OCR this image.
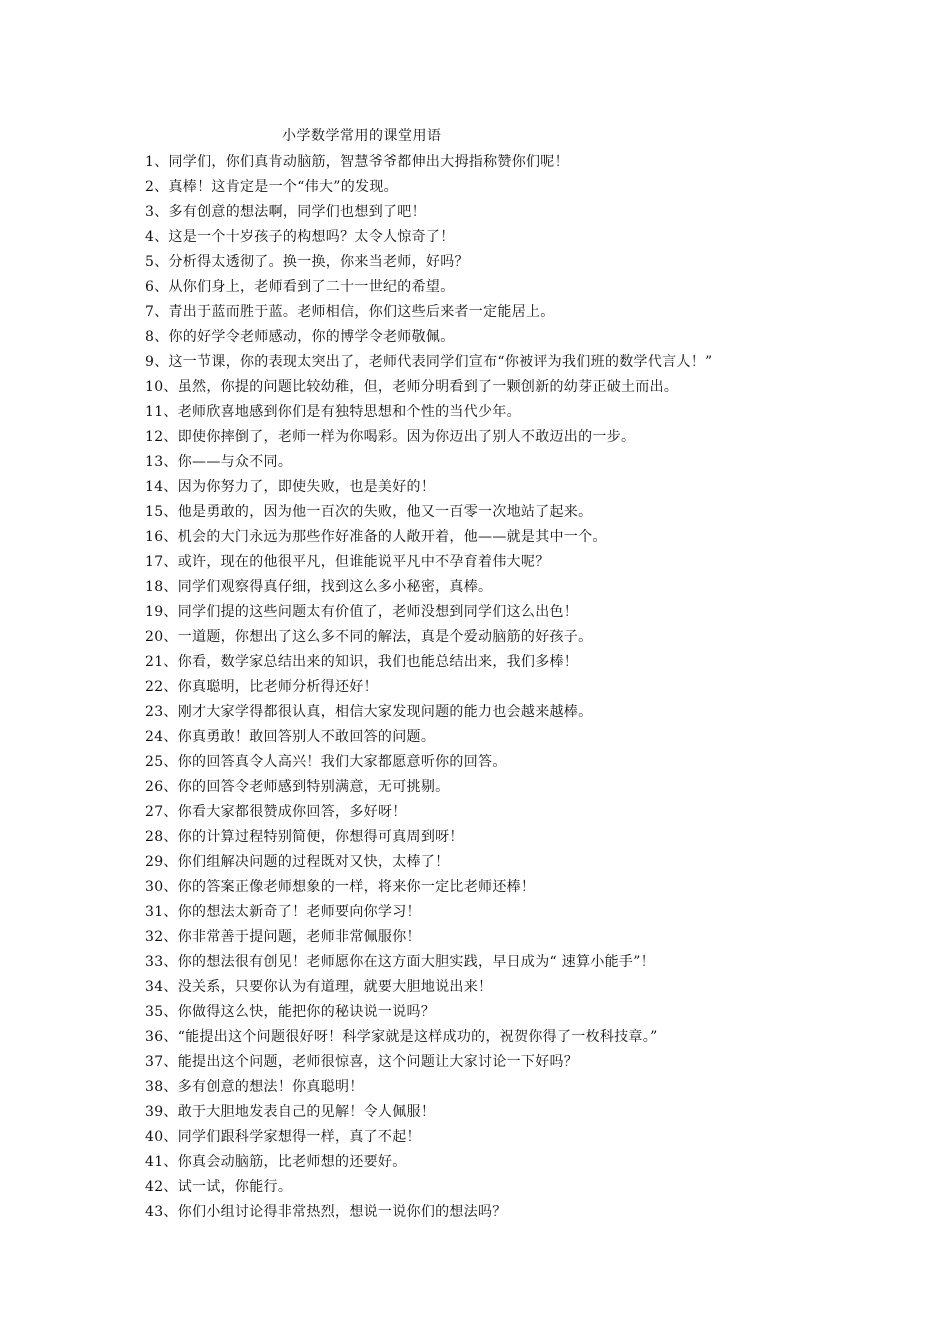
小学数学常用的课堂用语
1、同学们，你们真肯动脑筋，智慧爷爷都伸出大拇指称赞你们呢！
2、真棒！这肯定是一个“伟大”的发现。
3、多有创意的想法啊，同学们也想到了吧！
4、这是一个十岁孩子的构想吗？太令人惊奇了！
5、分析得太透彻了。换一换，你来当老师，好吗？
6、从你们身上，老师看到了二十一世纪的希望。
7、青出于蓝而胜于蓝。老师相信，你们这些后来者一定能居上。
8、你的好学令老师感动，你的博学令老师敬佩。
9、这一节课，你的表现太突出了，老师代表同学们宣布“你被评为我们班的数学代言人！”
10、虽然，你提的问题比较幼稚，但，老师分明看到了一颗创新的幼芽正破土而出。
11、老师欣喜地感到你们是有独特思想和个性的当代少年。
12、即使你摔倒了，老师一样为你喝彩。因为你迈出了别人不敢迈出的一步。
13、你——与众不同。
14、因为你努力了，即使失败，也是美好的！
15、他是勇敢的，因为他一百次的失败，他又一百零一次地站了起来。
16、机会的大门永远为那些作好准备的人敞开着，他——就是其中一个。
17、或许，现在的他很平凡，但谁能说平凡中不孕育着伟大呢？
18、同学们观察得真仔细，找到这么多小秘密，真棒。
19、同学们提的这些问题太有价值了，老师没想到同学们这么出色！
20、一道题，你想出了这么多不同的解法，真是个爱动脑筋的好孩子。
21、你看，数学家总结出来的知识，我们也能总结出来，我们多棒！
22、你真聪明，比老师分析得还好！
23、刚才大家学得都很认真，相信大家发现问题的能力也会越来越棒。
24、你真勇敢！敢回答别人不敢回答的问题。
25、你的回答真令人高兴！我们大家都愿意听你的回答。
26、你的回答令老师感到特别满意，无可挑剔。
27、你看大家都很赞成你回答，多好呀！
28、你的计算过程特别简便，你想得可真周到呀！
29、你们组解决问题的过程既对又快，太棒了！
30、你的答案正像老师想象的一样，将来你一定比老师还棒！
31、你的想法太新奇了！老师要向你学习！
32、你非常善于提问题，老师非常佩服你！
33、你的想法很有创见！老师愿你在这方面大胆实践，早日成为“ 速算小能手”！
34、没关系，只要你认为有道理，就要大胆地说出来！
35、你做得这么快，能把你的秘诀说一说吗？
36、“能提出这个问题很好呀！科学家就是这样成功的，祝贺你得了一枚科技章。”
37、能提出这个问题，老师很惊喜，这个问题让大家讨论一下好吗？
38、多有创意的想法！你真聪明！
39、敢于大胆地发表自己的见解！令人佩服！
40、同学们跟科学家想得一样，真了不起！
41、你真会动脑筋，比老师想的还要好。
42、试一试，你能行。
43、你们小组讨论得非常热烈，想说一说你们的想法吗？
